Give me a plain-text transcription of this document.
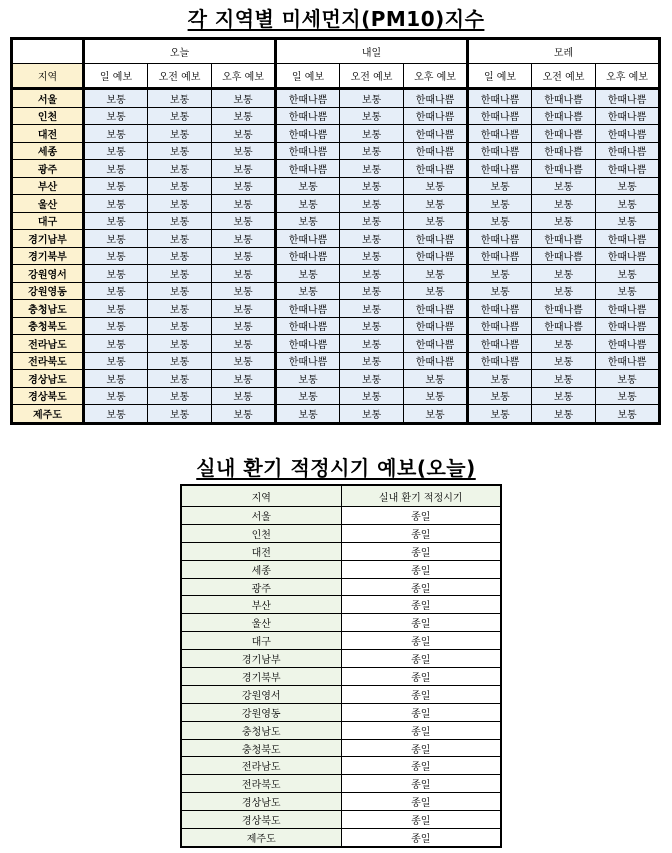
각 지역별 미세먼지(PM10)지수
	오늘			내일			모레		
지역	일 예보	오전 예보	오후 예보	일 예보	오전 예보	오후 예보	일 예보	오전 예보	오후 예보
서울	보통	보통	보통	한때나쁨	보통	한때나쁨	한때나쁨	한때나쁨	한때나쁨
인천	보통	보통	보통	한때나쁨	보통	한때나쁨	한때나쁨	한때나쁨	한때나쁨
대전	보통	보통	보통	한때나쁨	보통	한때나쁨	한때나쁨	한때나쁨	한때나쁨
세종	보통	보통	보통	한때나쁨	보통	한때나쁨	한때나쁨	한때나쁨	한때나쁨
광주	보통	보통	보통	한때나쁨	보통	한때나쁨	한때나쁨	한때나쁨	한때나쁨
부산	보통	보통	보통	보통	보통	보통	보통	보통	보통
울산	보통	보통	보통	보통	보통	보통	보통	보통	보통
대구	보통	보통	보통	보통	보통	보통	보통	보통	보통
경기남부	보통	보통	보통	한때나쁨	보통	한때나쁨	한때나쁨	한때나쁨	한때나쁨
경기북부	보통	보통	보통	한때나쁨	보통	한때나쁨	한때나쁨	한때나쁨	한때나쁨
강원영서	보통	보통	보통	보통	보통	보통	보통	보통	보통
강원영동	보통	보통	보통	보통	보통	보통	보통	보통	보통
충청남도	보통	보통	보통	한때나쁨	보통	한때나쁨	한때나쁨	한때나쁨	한때나쁨
충청북도	보통	보통	보통	한때나쁨	보통	한때나쁨	한때나쁨	한때나쁨	한때나쁨
전라남도	보통	보통	보통	한때나쁨	보통	한때나쁨	한때나쁨	보통	한때나쁨
전라북도	보통	보통	보통	한때나쁨	보통	한때나쁨	한때나쁨	보통	한때나쁨
경상남도	보통	보통	보통	보통	보통	보통	보통	보통	보통
경상북도	보통	보통	보통	보통	보통	보통	보통	보통	보통
제주도	보통	보통	보통	보통	보통	보통	보통	보통	보통
실내 환기 적정시기 예보(오늘)
지역	실내 환기 적정시기
서울	종일
인천	종일
대전	종일
세종	종일
광주	종일
부산	종일
울산	종일
대구	종일
경기남부	종일
경기북부	종일
강원영서	종일
강원영동	종일
충청남도	종일
충청북도	종일
전라남도	종일
전라북도	종일
경상남도	종일
경상북도	종일
제주도	종일
